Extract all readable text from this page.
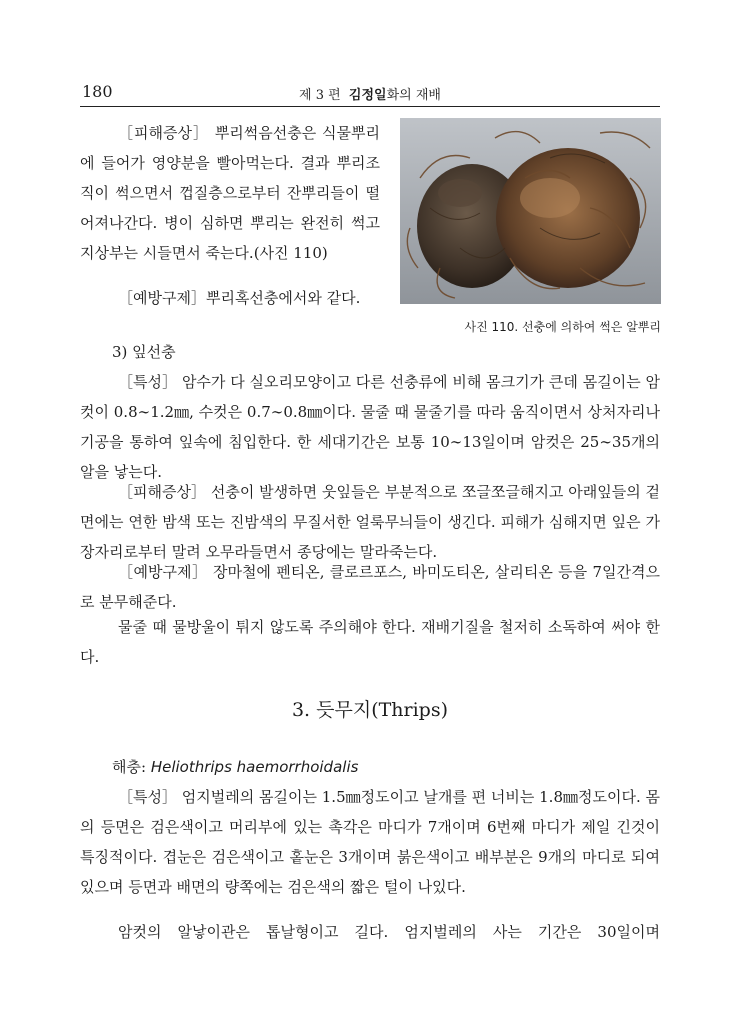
180	제 3 편 김정일화의 재배
사진 110. 선충에 의하여 썩은 알뿌리

［피해증상］ 뿌리썩음선충은 식물뿌리에 들어가 영양분을 빨아먹는다. 결과 뿌리조직이 썩으면서 껍질층으로부터 잔뿌리들이 떨어져나간다. 병이 심하면 뿌리는 완전히 썩고 지상부는 시들면서 죽는다.(사진 110)

［예방구제］뿌리혹선충에서와 같다.

3) 잎선충

［특성］ 암수가 다 실오리모양이고 다른 선충류에 비해 몸크기가 큰데 몸길이는 암컷이 0.8∼1.2㎜, 수컷은 0.7∼0.8㎜이다. 물줄 때 물줄기를 따라 움직이면서 상처자리나 기공을 통하여 잎속에 침입한다. 한 세대기간은 보통 10∼13일이며 암컷은 25∼35개의 알을 낳는다.

［피해증상］ 선충이 발생하면 웃잎들은 부분적으로 쪼글쪼글해지고 아래잎들의 겉면에는 연한 밤색 또는 진밤색의 무질서한 얼룩무늬들이 생긴다. 피해가 심해지면 잎은 가장자리로부터 말려 오무라들면서 종당에는 말라죽는다.

［예방구제］ 장마철에 펜티온, 클로르포스, 바미도티온, 살리티온 등을 7일간격으로 분무해준다.

물줄 때 물방울이 튀지 않도록 주의해야 한다. 재배기질을 철저히 소독하여 써야 한다.

3. 듯무지(Thrips)

해충: Heliothrips haemorrhoidalis

［특성］ 엄지벌레의 몸길이는 1.5㎜정도이고 날개를 편 너비는 1.8㎜정도이다. 몸의 등면은 검은색이고 머리부에 있는 촉각은 마디가 7개이며 6번째 마디가 제일 긴것이 특징적이다. 겹눈은 검은색이고 홑눈은 3개이며 붉은색이고 배부분은 9개의 마디로 되여있으며 등면과 배면의 량쪽에는 검은색의 짧은 털이 나있다.

암컷의 알낳이관은 톱날형이고 길다. 엄지벌레의 사는 기간은 30일이며
